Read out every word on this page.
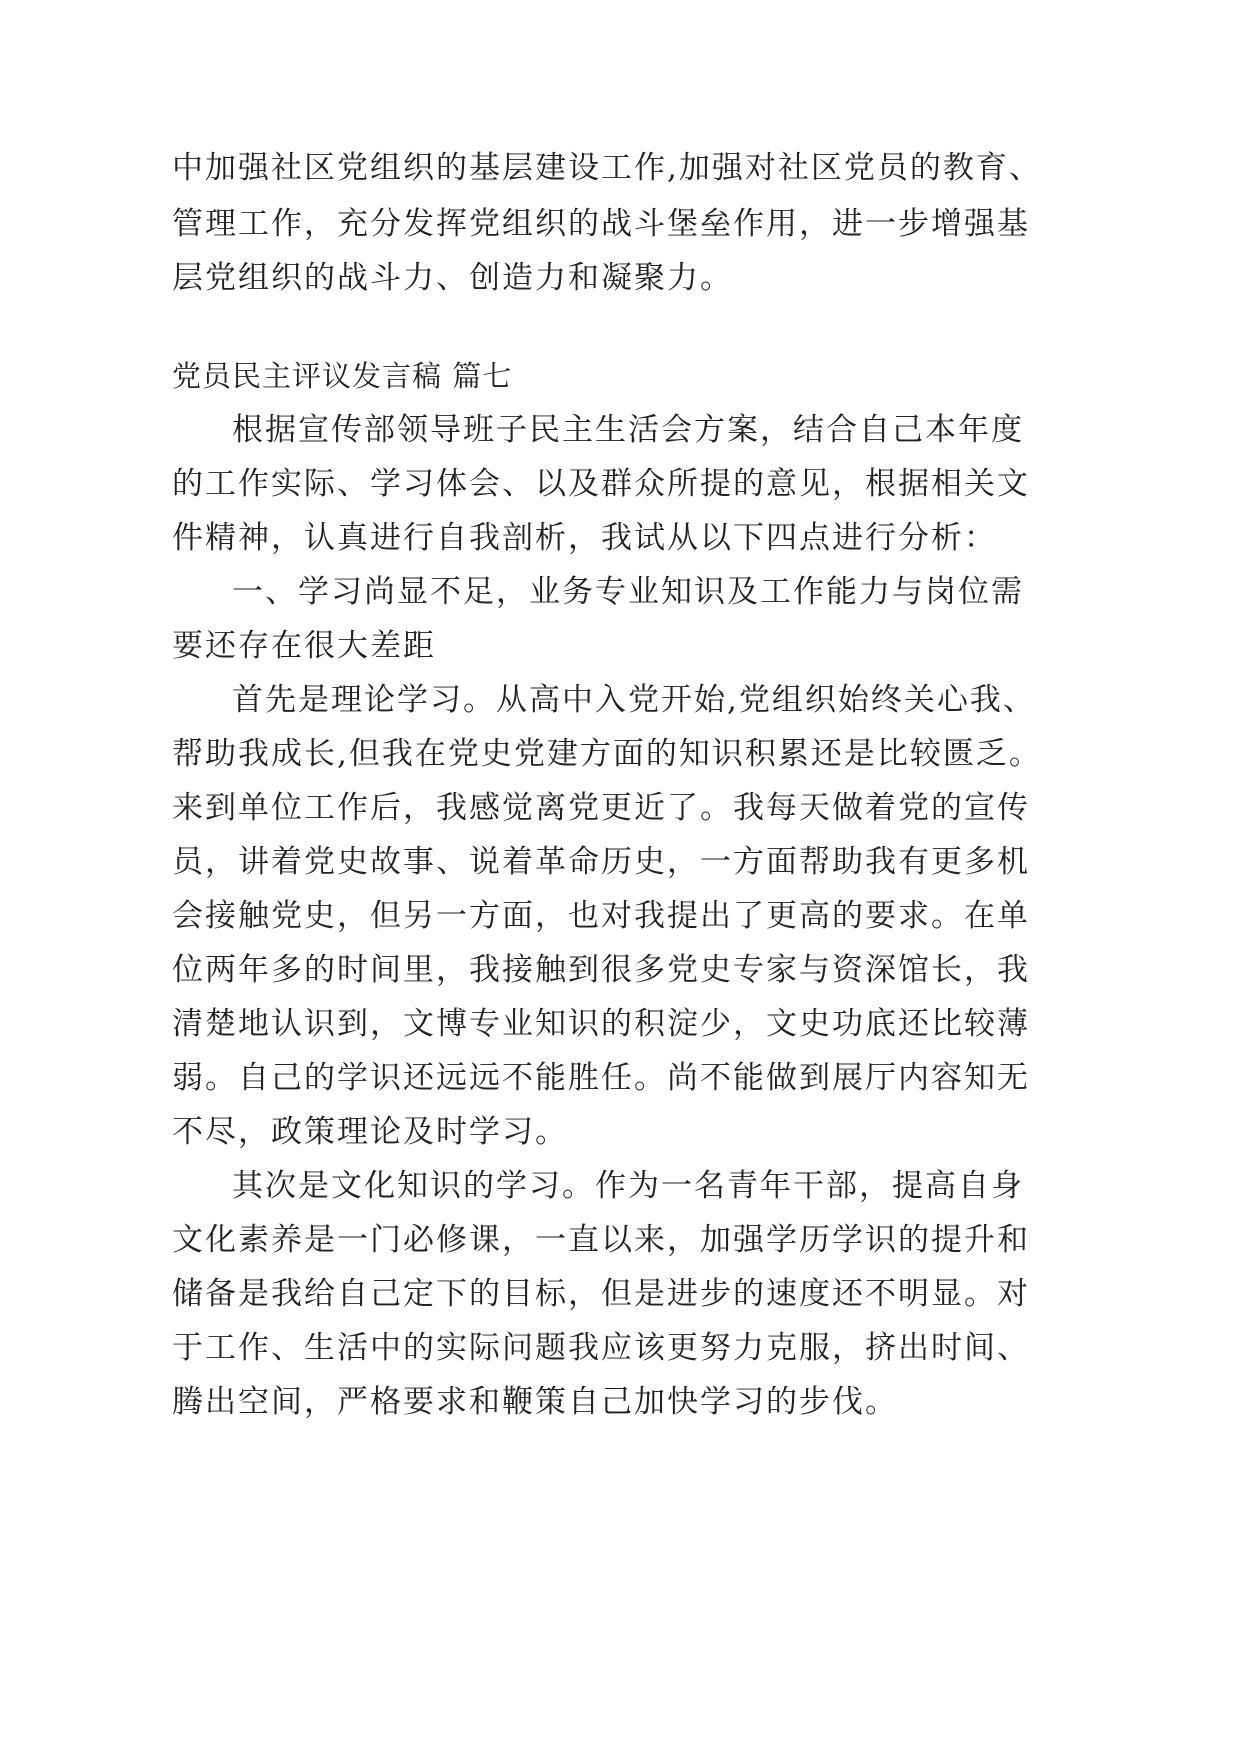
中加强社区党组织的基层建设工作,加强对社区党员的教育、
管理工作，充分发挥党组织的战斗堡垒作用，进一步增强基
层党组织的战斗力、创造力和凝聚力。
党员民主评议发言稿 篇七
根据宣传部领导班子民主生活会方案，结合自己本年度
的工作实际、学习体会、以及群众所提的意见，根据相关文
件精神，认真进行自我剖析，我试从以下四点进行分析：
一、学习尚显不足，业务专业知识及工作能力与岗位需
要还存在很大差距
首先是理论学习。从高中入党开始,党组织始终关心我、
帮助我成长,但我在党史党建方面的知识积累还是比较匮乏。
来到单位工作后，我感觉离党更近了。我每天做着党的宣传
员，讲着党史故事、说着革命历史，一方面帮助我有更多机
会接触党史，但另一方面，也对我提出了更高的要求。在单
位两年多的时间里，我接触到很多党史专家与资深馆长，我
清楚地认识到，文博专业知识的积淀少，文史功底还比较薄
弱。自己的学识还远远不能胜任。尚不能做到展厅内容知无
不尽，政策理论及时学习。
其次是文化知识的学习。作为一名青年干部，提高自身
文化素养是一门必修课，一直以来，加强学历学识的提升和
储备是我给自己定下的目标，但是进步的速度还不明显。对
于工作、生活中的实际问题我应该更努力克服，挤出时间、
腾出空间，严格要求和鞭策自己加快学习的步伐。
